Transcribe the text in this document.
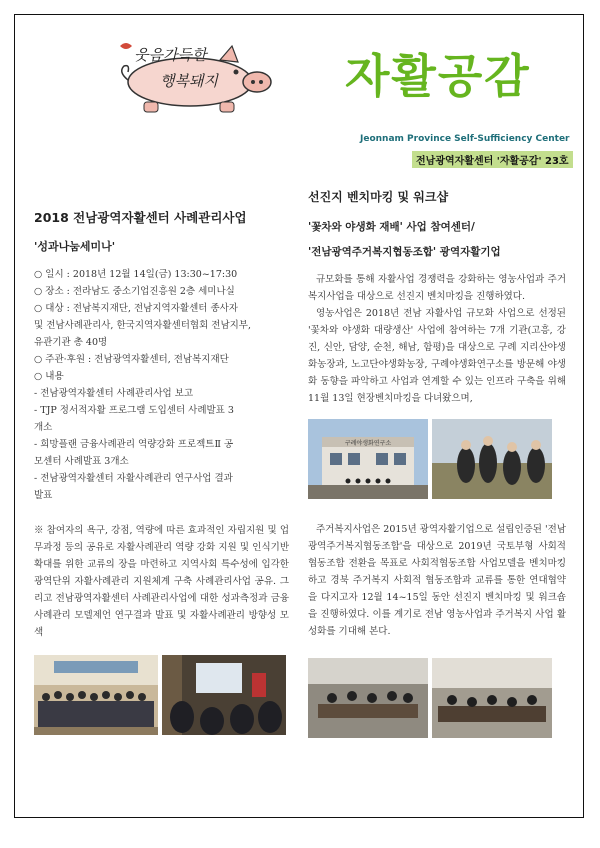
웃음가득한
행복돼지	자활공감
Jeonnam Province Self-Sufficiency Center
전남광역자활센터 '자활공감' 23호
2018 전남광역자활센터 사례관리사업
'성과나눔세미나'

○ 일시 : 2018년 12월 14일(금) 13:30~17:30

○ 장소 : 전라남도 중소기업진흥원 2층 세미나실

○ 대상 : 전남복지재단, 전남지역자활센터 종사자

및 전남사례관리사, 한국지역자활센터협회 전남지부,

유관기관 총 40명

○ 주관·후원 : 전남광역자활센터, 전남복지재단

○ 내용

- 전남광역자활센터 사례관리사업 보고

- TJP 정서적자활 프로그램 도입센터 사례발표 3

개소

- 희망플랜 금융사례관리 역량강화 프로젝트Ⅱ 공

모센터 사례발표 3개소

- 전남광역자활센터 자활사례관리 연구사업 결과

발표

※ 참여자의 욕구, 강점, 역량에 따른 효과적인 자립지원 및 업무과정 등의 공유로 자활사례관리 역량 강화 지원 및 인식기반 확대를 위한 교류의 장을 마련하고 지역사회 특수성에 입각한 광역단위 자활사례관리 지원체계 구축 사례관리사업 공유. 그리고 전남광역자활센터 사례관리사업에 대한 성과측정과 금융사례관리 모델제언 연구결과 발표 및 자활사례관리 방향성 모색

선진지 벤치마킹 및 워크샵
'꽃차와 야생화 재배' 사업 참여센터/
'전남광역주거복지협동조합' 광역자활기업

규모화를 통해 자활사업 경쟁력을 강화하는 영농사업과 주거복지사업을 대상으로 선진지 벤치마킹을 진행하였다.

영농사업은 2018년 전남 자활사업 규모화 사업으로 선정된 '꽃차와 야생화 대량생산' 사업에 참여하는 7개 기관(고흥, 강진, 신안, 담양, 순천, 해남, 함평)을 대상으로 구례 지리산야생화농장과, 노고단야생화농장, 구례야생화연구소를 방문해 야생화 동향을 파악하고 사업과 연계할 수 있는 인프라 구축을 위해 11월 13일 현장벤치마킹을 다녀왔으며,

구례야생화연구소

주거복지사업은 2015년 광역자활기업으로 설립인증된 '전남광역주거복지협동조합'을 대상으로 2019년 국토부형 사회적협동조합 전환을 목표로 사회적협동조합 사업모델을 벤치마킹하고 경북 주거복지 사회적 협동조합과 교류를 통한 연대협약을 다지고자 12월 14~15일 동안 선진지 벤치마킹 및 워크숍을 진행하였다. 이를 계기로 전남 영농사업과 주거복지 사업 활성화를 기대해 본다.
